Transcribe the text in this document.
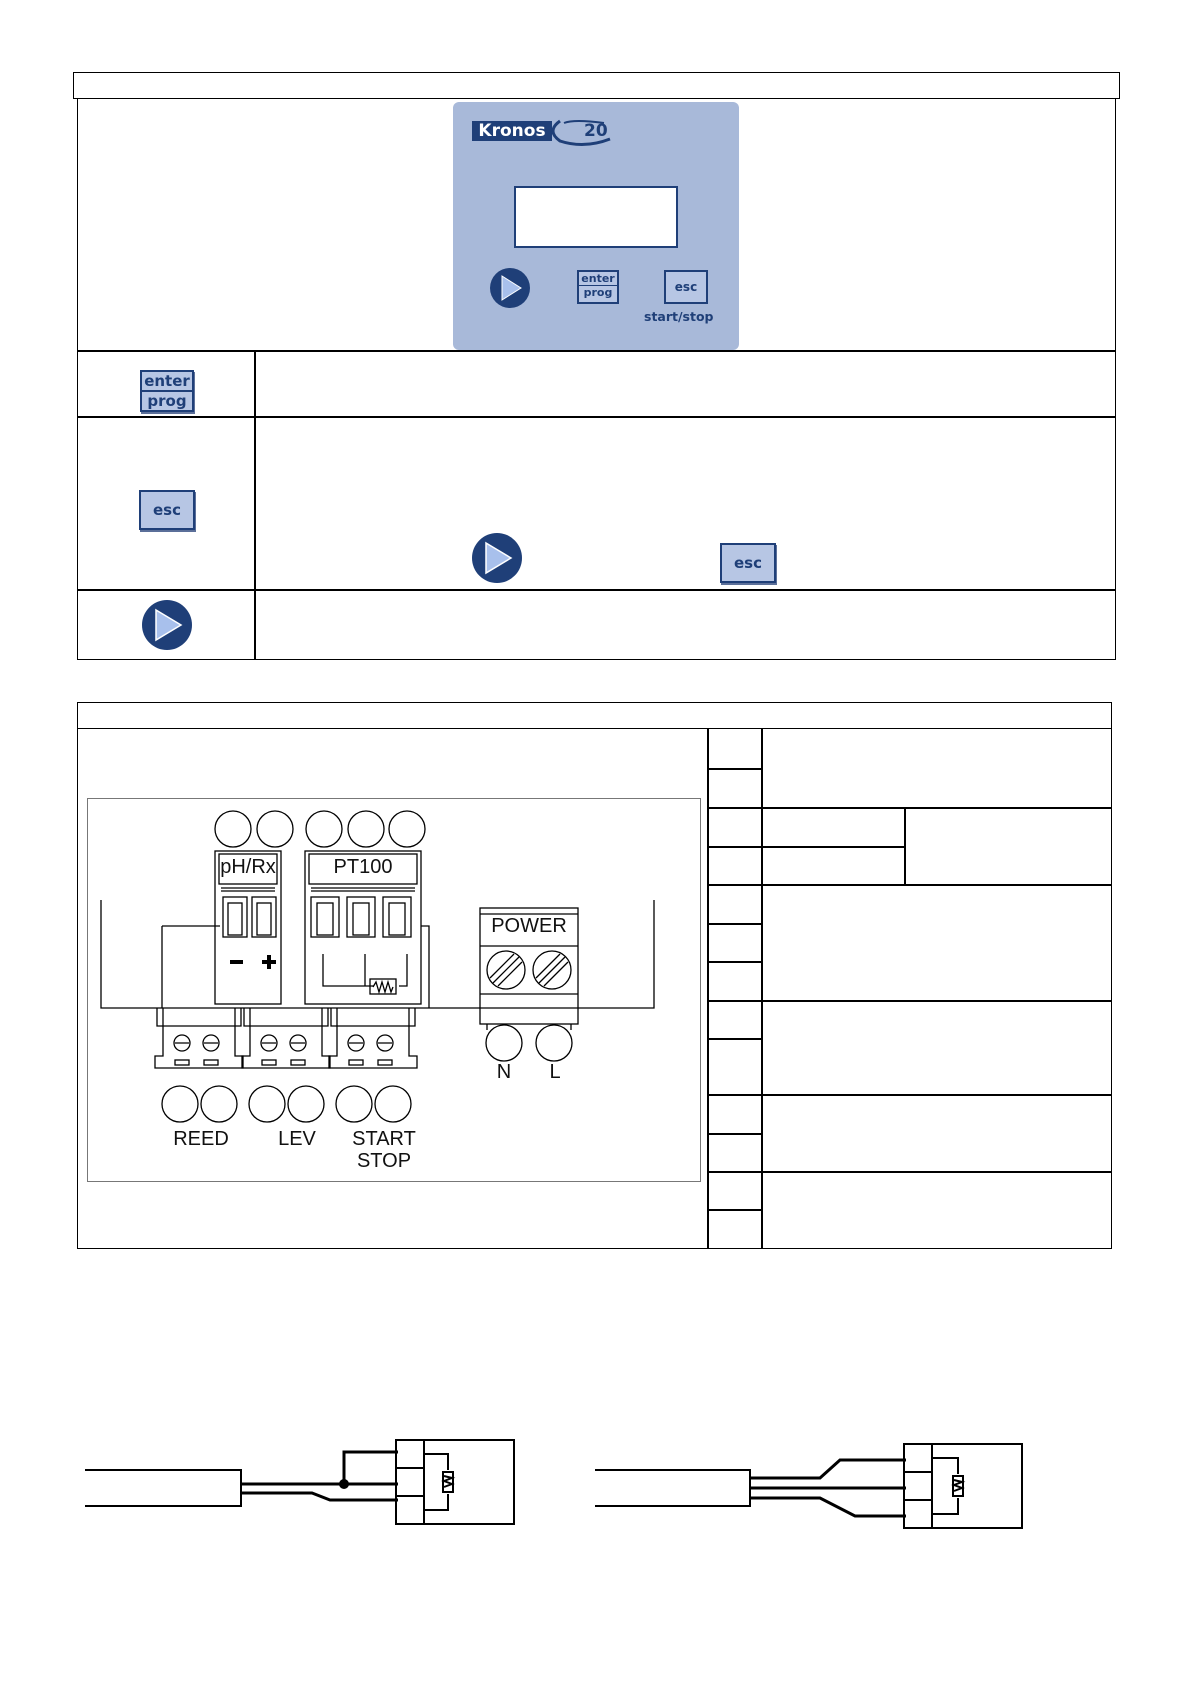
Kronos	20
enter
prog	esc
start/stop
enter
prog
esc
esc
pH/Rx	PT100
POWER
N L
REED	LEV	START
STOP
